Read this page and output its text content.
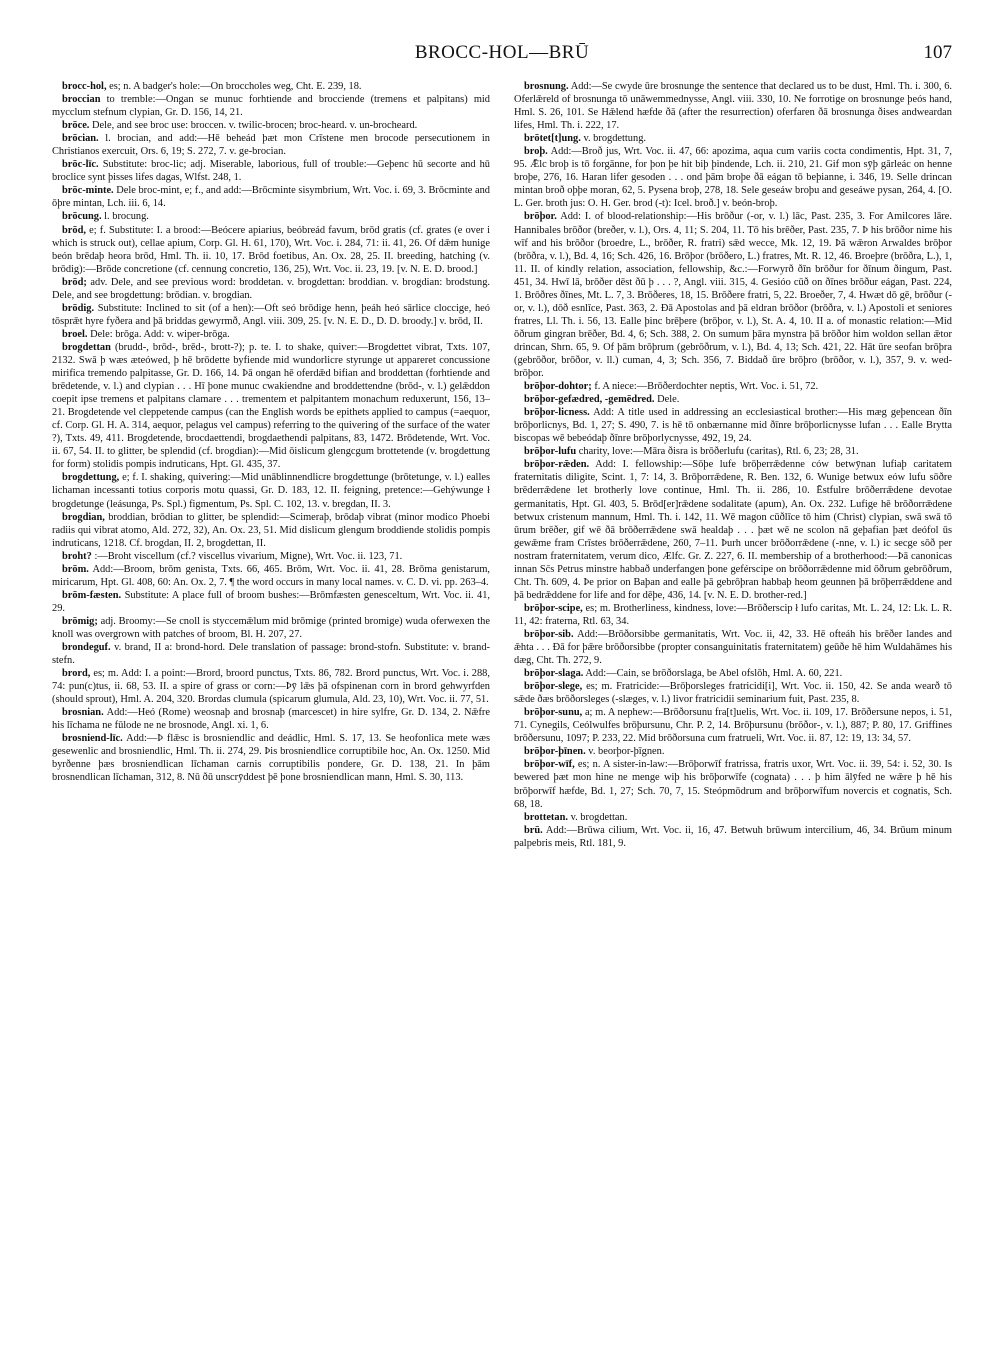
BROCC-HOL—BRŪ	107

brocc-hol, es; n. A badger's hole:—On broccholes weg, Cht. E. 239, 18.

broccian to tremble:—Ongan se munuc forhtiende and brocciende (tremens et palpitans) mid mycclum stefnum clypian, Gr. D. 156, 14, 21.

brōce. Dele, and see broc use: broccen. v. twilic-brocen; broc-heard. v. un-brocheard.

brōcian. l. brocian, and add:—Hē beheád þæt mon Crīstene men brocode persecutionem in Christianos exercuit, Ors. 6, 19; S. 272, 7. v. ge-brocian.

brōc-līc. Substitute: broc-lic; adj. Miserable, laborious, full of trouble:—Geþenc hū secorte and hū broclice synt þisses lifes dagas, Wlfst. 248, 1.

brōc-minte. Dele broc-mint, e; f., and add:—Brōcminte sisymbrium, Wrt. Voc. i. 69, 3. Brōcminte and ōþre mintan, Lch. iii. 6, 14.

brōcung. l. brocung.

brōd, e; f. Substitute: I. a brood:—Beócere apiarius, beóbreád favum, brōd gratis (cf. grates (e over i which is struck out), cellae apium, Corp. Gl. H. 61, 170), Wrt. Voc. i. 284, 71: ii. 41, 26. Of dǣm hunige beón brēdaþ heora brōd, Hml. Th. ii. 10, 17. Brōd foetibus, An. Ox. 28, 25. II. breeding, hatching (v. brōdig):—Brōde concretione (cf. cennung concretio, 136, 25), Wrt. Voc. ii. 23, 19. [v. N. E. D. brood.]

brōd; adv. Dele, and see previous word: broddetan. v. brogdettan: broddian. v. brogdian: brodstung. Dele, and see brogdettung: brōdian. v. brogdian.

brōdig. Substitute: Inclined to sit (of a hen):—Oft seó brōdige henn, þeáh heó sārlice cloccige, heó tōsprǣt hyre fyðera and þā briddas gewyrmð, Angl. viii. 309, 25. [v. N. E. D., D. D. broody.] v. brōd, II.

broel. Dele: brōga. Add: v. wiper-brōga.

brogdettan (brudd-, brōd-, brēd-, brott-?); p. te. I. to shake, quiver:—Brogdettet vibrat, Txts. 107, 2132. Swā þ wæs æteówed, þ hē brōdette byfiende mid wundorlicre styrunge ut appareret concussione mirifica tremendo palpitasse, Gr. D. 166, 14. Þā ongan hē oferdǣd bifian and broddettan (forhtiende and brēdetende, v. l.) and clypian . . . Hī þone munuc cwakiendne and broddettendne (brōd-, v. l.) gelǣddon coepit ipse tremens et palpitans clamare . . . trementem et palpitantem monachum reduxerunt, 156, 13–21. Brogdetende vel cleppetende campus (can the English words be epithets applied to campus (=aequor, cf. Corp. Gl. H. A. 314, aequor, pelagus vel campus) referring to the quivering of the surface of the water ?), Txts. 49, 411. Brogdetende, brocdaettendi, brogdaethendi palpitans, 83, 1472. Brōdetende, Wrt. Voc. ii. 67, 54. II. to glitter, be splendid (cf. brogdian):—Mid ōislicum glengcgum brottetende (v. brogdettung for form) stolidis pompis indruticans, Hpt. Gl. 435, 37.

brogdettung, e; f. I. shaking, quivering:—Mid unāblinnendlicre brogdettunge (brōtetunge, v. l.) ealles lichaman incessanti totius corporis motu quassi, Gr. D. 183, 12. II. feigning, pretence:—Gehýwunge ł brogdetunge (leásunga, Ps. Spl.) figmentum, Ps. Spl. C. 102, 13. v. bregdan, II. 3.

brogdian, broddian, brōdian to glitter, be splendid:—Scimeraþ, brōdaþ vibrat (minor modico Phoebi radiis qui vibrat atomo, Ald. 272, 32), An. Ox. 23, 51. Mid dislicum glengum broddiende stolidis pompis indruticans, 1218. Cf. brogdan, II. 2, brogdettan, II.

broht? :—Broht viscellum (cf.? viscellus vivarium, Migne), Wrt. Voc. ii. 123, 71.

brōm. Add:—Broom, brōm genista, Txts. 66, 465. Brōm, Wrt. Voc. ii. 41, 28. Brōma genistarum, miricarum, Hpt. Gl. 408, 60: An. Ox. 2, 7. ¶ the word occurs in many local names. v. C. D. vi. pp. 263–4.

brōm-fæsten. Substitute: A place full of broom bushes:—Brōmfæsten genesceltum, Wrt. Voc. ii. 41, 29.

brōmig; adj. Broomy:—Se cnoll is styccemǣlum mid brōmige (printed bromige) wuda oferwexen the knoll was overgrown with patches of broom, Bl. H. 207, 27.

brondeguf. v. brand, II a: brond-hord. Dele translation of passage: brond-stofn. Substitute: v. brand-stefn.

brord, es; m. Add: I. a point:—Brord, broord punctus, Txts. 86, 782. Brord punctus, Wrt. Voc. i. 288, 74: pun(c)tus, ii. 68, 53. II. a spire of grass or corn:—Þȳ lǣs þā ofspinenan corn in brord gehwyrfden (should sprout), Hml. A. 204, 320. Brordas clumula (spicarum glumula, Ald. 23, 10), Wrt. Voc. ii. 77, 51.

brosnian. Add:—Heó (Rome) weosnaþ and brosnaþ (marcescet) in hire sylfre, Gr. D. 134, 2. Nǣfre his līchama ne fūlode ne ne brosnode, Angl. xi. 1, 6.

brosniend-līc. Add:—Þ flǣsc is brosniendlic and deádlic, Hml. S. 17, 13. Se heofonlica mete wæs gesewenlic and brosniendlic, Hml. Th. ii. 274, 29. Þis brosniendlice corruptibile hoc, An. Ox. 1250. Mid byrðenne þæs brosniendlican līchaman carnis corruptibilis pondere, Gr. D. 138, 21. In þām brosnendlican līchaman, 312, 8. Nū ðū unscrȳddest þē þone brosniendlican mann, Hml. S. 30, 113.

brosnung. Add:—Se cwyde ūre brosnunge the sentence that declared us to be dust, Hml. Th. i. 300, 6. Oferlǣreld of brosnunga tō unāwemmednysse, Angl. viii. 330, 10. Ne forrotige on brosnunge þeós hand, Hml. S. 26, 101. Se Hǣlend hæfde ðā (after the resurrection) oferfaren ðā brosnunga ðises andweardan lifes, Hml. Th. i. 222, 17.

brōtet[t]ung. v. brogdettung.

broþ. Add:—Broð jus, Wrt. Voc. ii. 47, 66: apozima, aqua cum variis cocta condimentis, Hpt. 31, 7, 95. Ǣlc broþ is tō forgānne, for þon þe hit biþ þindende, Lch. ii. 210, 21. Gif mon sȳþ gārleác on henne broþe, 276, 16. Haran lifer gesoden . . . ond þām broþe ðā eágan tō beþianne, i. 346, 19. Selle drincan mintan broð oþþe moran, 62, 5. Pysena broþ, 278, 18. Sele geseáw broþu and geseáwe pysan, 264, 4. [O. L. Ger. broth jus: O. H. Ger. brod (-t): Icel. broð.] v. beón-broþ.

brōþor. Add: I. of blood-relationship:—His brōður (-or, v. l.) lāc, Past. 235, 3. For Amilcores lāre. Hannibales brōðor (breðer, v. l.), Ors. 4, 11; S. 204, 11. Tō his brēðer, Past. 235, 7. Þ his brōðor nime his wīf and his brōðor (broedre, L., brōðer, R. fratri) sǣd wecce, Mk. 12, 19. Þā wǣron Arwaldes brōþor (brōðra, v. l.), Bd. 4, 16; Sch. 426, 16. Brōþor (brōðero, L.) fratres, Mt. R. 12, 46. Broeþre (brōðra, L.), 1, 11. II. of kindly relation, association, fellowship, &c.:—Forwyrð ðīn brōður for ðīnum ðingum, Past. 451, 34. Hwī lā, brōðer dēst ðū þ . . . ?, Angl. viii. 315, 4. Gesióo cūð on ðīnes brōður eágan, Past. 224, 1. Brōðres ðīnes, Mt. L. 7, 3. Brōðeres, 18, 15. Brōðere fratri, 5, 22. Broeðer, 7, 4. Hwæt dō gē, brōður (-or, v. l.), dōð esnlīce, Past. 363, 2. Ðā Apostolas and þā eldran brōðor (brōðra, v. l.) Apostoli et seniores fratres, Ll. Th. i. 56, 13. Ealle þinc brēþere (brōþor, v. l.), St. A. 4, 10. II a. of monastic relation:—Mid ōðrum gingran brēðer, Bd. 4, 6; Sch. 388, 2. On sumum þāra mynstra þā brōðor him woldon sellan ǣtor drincan, Shrn. 65, 9. Of þām brōþrum (gebrōðrum, v. l.), Bd. 4, 13; Sch. 421, 22. Hāt ūre seofan brōþra (gebrōðor, brōðor, v. ll.) cuman, 4, 3; Sch. 356, 7. Biddað ūre brōþro (brōðor, v. l.), 357, 9. v. wed-brōþor.

brōþor-dohtor; f. A niece:—Brōðerdochter neptis, Wrt. Voc. i. 51, 72.

brōþor-gefædred, -gemēdred. Dele.

brōþor-licness. Add: A title used in addressing an ecclesiastical brother:—His mæg geþencean ðīn brōþorlicnys, Bd. 1, 27; S. 490, 7. is hē tō onbærnanne mid ðīnre brōþorlicnysse lufan . . . Ealle Brytta biscopas wē bebeódaþ ðīnre brōþorlycnysse, 492, 19, 24.

brōþor-lufu charity, love:—Māra ðisra is brōðerlufu (caritas), Rtl. 6, 23; 28, 31.

brōþor-rǣden. Add: I. fellowship:—Sōþe lufe brōþerrǣdenne ców betwȳnan lufiaþ caritatem fraternitatis diligite, Scint. 1, 7: 14, 3. Brōþorrǣdene, R. Ben. 132, 6. Wunige betwux eów lufu sōðre brēderrǣdene let brotherly love continue, Hml. Th. ii. 286, 10. Ēstfulre brōðerrǣdene devotae germanitatis, Hpt. Gl. 403, 5. Brōd[er]rǣdene sodalitate (apum), An. Ox. 232. Lufige hē brōðorrǣdene betwux cristenum mannum, Hml. Th. i. 142, 11. Wē magon cūðlīce tō him (Christ) clypian, swā swā tō ūrum brēðer, gif wē ðā brōðerrǣdene swā healdaþ . . . þæt wē ne scolon nā geþafian þæt deófol ūs gewǣme fram Crīstes brōðerrǣdene, 260, 7–11. Þurh uncer brōðorrǣdene (-nne, v. l.) ic secge sōð per nostram fraternitatem, verum dico, Ælfc. Gr. Z. 227, 6. II. membership of a brotherhood:—Þā canonicas innan Sc̄s Petrus minstre habbað underfangen þone geférscipe on brōðorrǣdenne mid ōðrum gebrōðrum, Cht. Th. 609, 4. Þe prior on Baþan and ealle þā gebrōþran habbaþ heom geunnen þā brōþerrǣddene and þā bedrǣddene for life and for dēþe, 436, 14. [v. N. E. D. brother-red.]

brōþor-scipe, es; m. Brotherliness, kindness, love:—Brōðerscip ł lufo caritas, Mt. L. 24, 12: Lk. L. R. 11, 42: fraterna, Rtl. 63, 34.

brōþor-sib. Add:—Brōðorsibbe germanitatis, Wrt. Voc. ii, 42, 33. Hē ofteáh his brēðer landes and ǣhta . . . Ðā for þǣre brōðorsibbe (propter consanguinitatis fraternitatem) geūðe hē him Wuldahāmes his dæg, Cht. Th. 272, 9.

brōþor-slaga. Add:—Cain, se brōðorslaga, be Abel ofslōh, Hml. A. 60, 221.

brōþor-slege, es; m. Fratricide:—Brōþorsleges fratricidi[i], Wrt. Voc. ii. 150, 42. Se anda wearð tō sǣde ðæs brōðorsleges (-slæges, v. l.) livor fratricidii seminarium fuit, Past. 235, 8.

brōþor-sunu, a; m. A nephew:—Brōðorsunu fra[t]uelis, Wrt. Voc. ii. 109, 17. Brōðersune nepos, i. 51, 71. Cynegils, Ceólwulfes brōþursunu, Chr. P. 2, 14. Brōþursunu (brōðor-, v. l.), 887; P. 80, 17. Griffines brōðersunu, 1097; P. 233, 22. Mid brōðorsuna cum fratrueli, Wrt. Voc. ii. 87, 12: 19, 13: 34, 57.

brōþor-þīnen. v. beorþor-þīgnen.

brōþor-wīf, es; n. A sister-in-law:—Brōþorwīf fratrissa, fratris uxor, Wrt. Voc. ii. 39, 54: i. 52, 30. Is bewered þæt mon hine ne menge wiþ his brōþorwīfe (cognata) . . . þ him ālȳfed ne wǣre þ hē his brōþorwīf hæfde, Bd. 1, 27; Sch. 70, 7, 15. Steópmōdrum and brōþorwīfum novercis et cognatis, Sch. 68, 18.

brottetan. v. brogdettan.

brū. Add:—Brūwa cilium, Wrt. Voc. ii, 16, 47. Betwuh brūwum intercilium, 46, 34. Brūum minum palpebris meis, Rtl. 181, 9.
